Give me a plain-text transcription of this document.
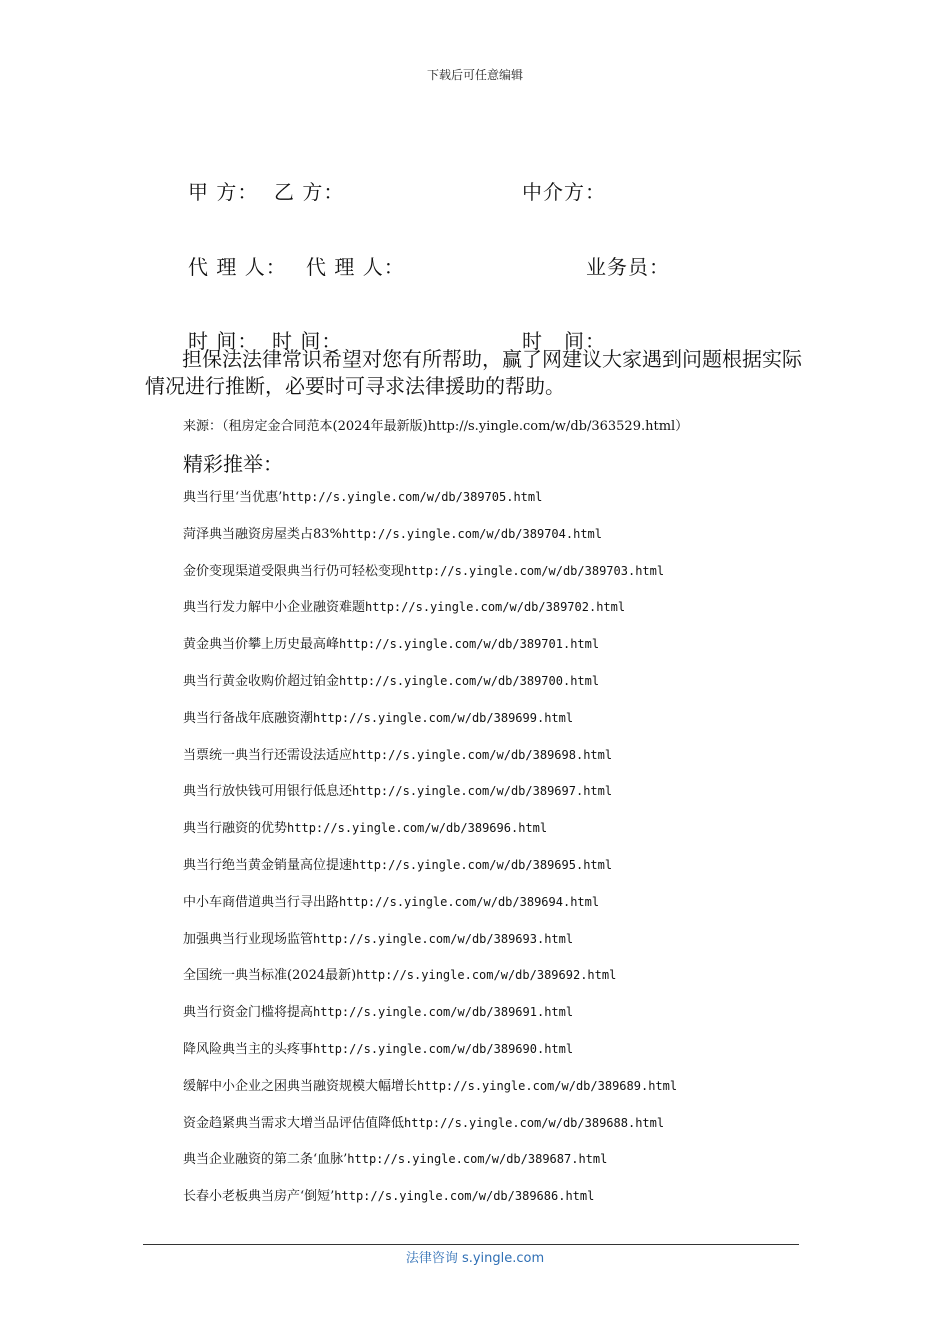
下载后可任意编辑
甲 方： 乙 方：	中介方：
代 理 人： 代 理 人：	业务员：
时 间： 时 间：	时　间：
担保法法律常识希望对您有所帮助，赢了网建议大家遇到问题根据实际情况进行推断，必要时可寻求法律援助的帮助。
来源：（租房定金合同范本(2024年最新版)http://s.yingle.com/w/db/363529.html）
精彩推举：
典当行里‘当优惠’http://s.yingle.com/w/db/389705.html
菏泽典当融资房屋类占83%http://s.yingle.com/w/db/389704.html
金价变现渠道受限典当行仍可轻松变现http://s.yingle.com/w/db/389703.html
典当行发力解中小企业融资难题http://s.yingle.com/w/db/389702.html
黄金典当价攀上历史最高峰http://s.yingle.com/w/db/389701.html
典当行黄金收购价超过铂金http://s.yingle.com/w/db/389700.html
典当行备战年底融资潮http://s.yingle.com/w/db/389699.html
当票统一典当行还需设法适应http://s.yingle.com/w/db/389698.html
典当行放快钱可用银行低息还http://s.yingle.com/w/db/389697.html
典当行融资的优势http://s.yingle.com/w/db/389696.html
典当行绝当黄金销量高位提速http://s.yingle.com/w/db/389695.html
中小车商借道典当行寻出路http://s.yingle.com/w/db/389694.html
加强典当行业现场监管http://s.yingle.com/w/db/389693.html
全国统一典当标准(2024最新)http://s.yingle.com/w/db/389692.html
典当行资金门槛将提高http://s.yingle.com/w/db/389691.html
降风险典当主的头疼事http://s.yingle.com/w/db/389690.html
缓解中小企业之困典当融资规模大幅增长http://s.yingle.com/w/db/389689.html
资金趋紧典当需求大增当品评估值降低http://s.yingle.com/w/db/389688.html
典当企业融资的第二条‘血脉’http://s.yingle.com/w/db/389687.html
长春小老板典当房产‘倒短’http://s.yingle.com/w/db/389686.html
法律咨询 s.yingle.com
